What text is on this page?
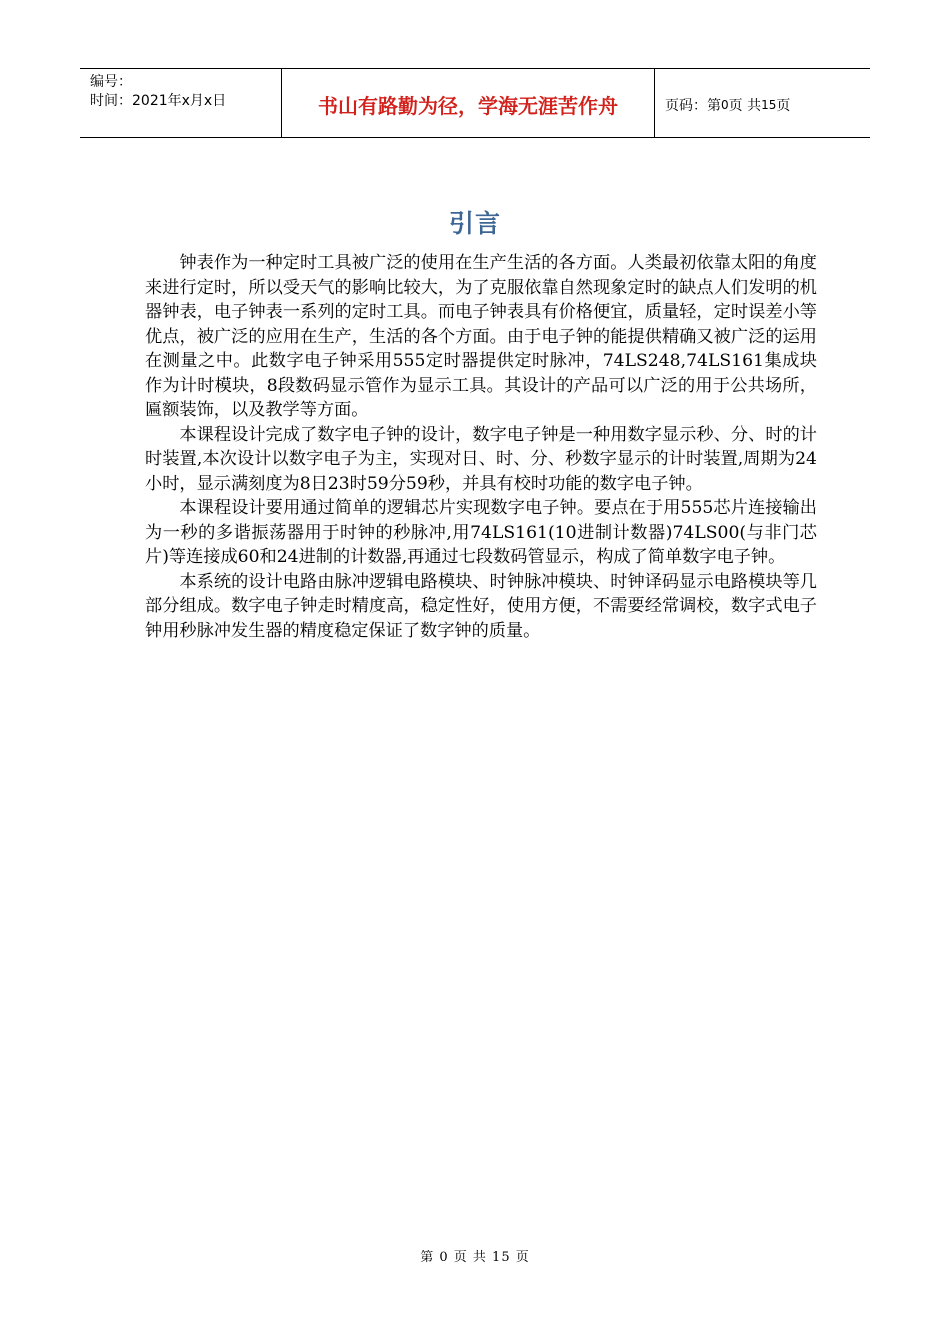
编号：
时间：2021年x月x日	书山有路勤为径，学海无涯苦作舟	页码：第 0 页 共 15 页
引言

钟表作为一种定时工具被广泛的使用在生产生活的各方面。人类最初依靠太阳的角度来进行定时，所以受天气的影响比较大，为了克服依靠自然现象定时的缺点人们发明的机器钟表，电子钟表一系列的定时工具。而电子钟表具有价格便宜，质量轻，定时误差小等优点，被广泛的应用在生产，生活的各个方面。由于电子钟的能提供精确又被广泛的运用在测量之中。此数字电子钟采用555定时器提供定时脉冲，74LS248,74LS161集成块作为计时模块，8段数码显示管作为显示工具。其设计的产品可以广泛的用于公共场所，匾额装饰，以及教学等方面。

本课程设计完成了数字电子钟的设计，数字电子钟是一种用数字显示秒、分、时的计时装置,本次设计以数字电子为主，实现对日、时、分、秒数字显示的计时装置,周期为24小时，显示满刻度为8日23时59分59秒，并具有校时功能的数字电子钟。

本课程设计要用通过简单的逻辑芯片实现数字电子钟。要点在于用555芯片连接输出为一秒的多谐振荡器用于时钟的秒脉冲,用74LS161(10进制计数器)74LS00(与非门芯片)等连接成60和24进制的计数器,再通过七段数码管显示，构成了简单数字电子钟。

本系统的设计电路由脉冲逻辑电路模块、时钟脉冲模块、时钟译码显示电路模块等几部分组成。数字电子钟走时精度高，稳定性好，使用方便，不需要经常调校，数字式电子钟用秒脉冲发生器的精度稳定保证了数字钟的质量。

第 0 页 共 15 页
